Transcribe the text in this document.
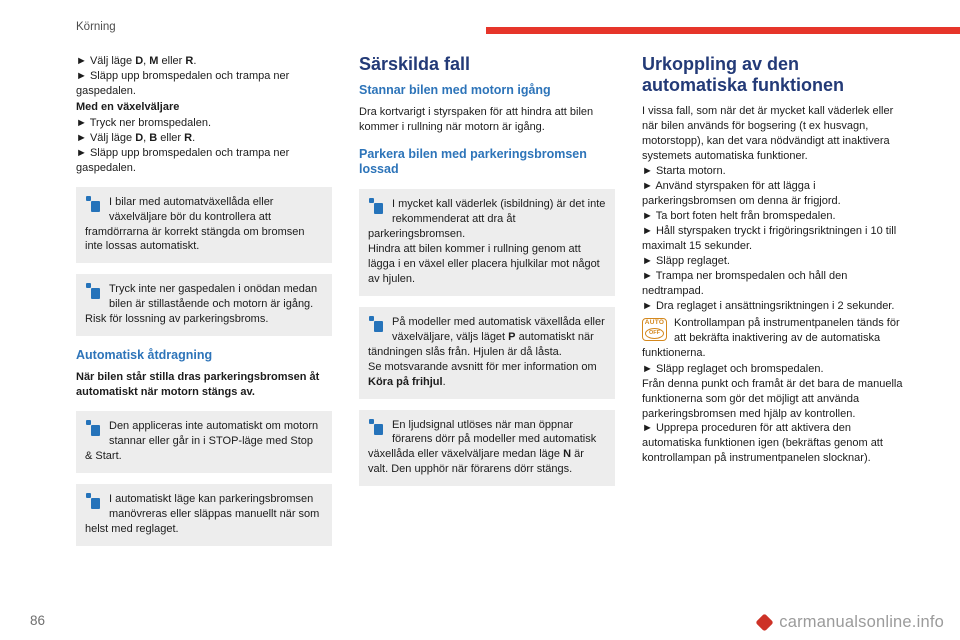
Körning

► Välj läge D, M eller R.

► Släpp upp bromspedalen och trampa ner gaspedalen.

Med en växelväljare

► Tryck ner bromspedalen.

► Välj läge D, B eller R.

► Släpp upp bromspedalen och trampa ner gaspedalen.

I bilar med automatväxellåda eller växelväljare bör du kontrollera att framdörrarna är korrekt stängda om bromsen inte lossas automatiskt.

Tryck inte ner gaspedalen i onödan medan bilen är stillastående och motorn är igång. Risk för lossning av parkeringsbroms.

Automatisk åtdragning

När bilen står stilla dras parkeringsbromsen åt automatiskt när motorn stängs av.

Den appliceras inte automatiskt om motorn stannar eller går in i STOP-läge med Stop & Start.

I automatiskt läge kan parkeringsbromsen manövreras eller släppas manuellt när som helst med reglaget.

Särskilda fall
Stannar bilen med motorn igång

Dra kortvarigt i styrspaken för att hindra att bilen kommer i rullning när motorn är igång.

Parkera bilen med parkeringsbromsen lossad

I mycket kall väderlek (isbildning) är det inte rekommenderat att dra åt parkeringsbromsen.
Hindra att bilen kommer i rullning genom att lägga i en växel eller placera hjulkilar mot något av hjulen.

På modeller med automatisk växellåda eller växelväljare, väljs läget P automatiskt när tändningen slås från. Hjulen är då låsta.
Se motsvarande avsnitt för mer information om Köra på frihjul.

En ljudsignal utlöses när man öppnar förarens dörr på modeller med automatisk växellåda eller växelväljare medan läge N är valt. Den upphör när förarens dörr stängs.

Urkoppling av den automatiska funktionen

I vissa fall, som när det är mycket kall väderlek eller när bilen används för bogsering (t ex husvagn, motorstopp), kan det vara nödvändigt att inaktivera systemets automatiska funktioner.

► Starta motorn.

► Använd styrspaken för att lägga i parkeringsbromsen om denna är frigjord.

► Ta bort foten helt från bromspedalen.

► Håll styrspaken tryckt i frigöringsriktningen i 10 till maximalt 15 sekunder.

► Släpp reglaget.

► Trampa ner bromspedalen och håll den nedtrampad.

► Dra reglaget i ansättningsriktningen i 2 sekunder.

AUTO
OFF

Kontrollampan på instrumentpanelen tänds för att bekräfta inaktivering av de automatiska funktionerna.

► Släpp reglaget och bromspedalen.

Från denna punkt och framåt är det bara de manuella funktionerna som gör det möjligt att använda parkeringsbromsen med hjälp av kontrollen.

► Upprepa proceduren för att aktivera den automatiska funktionen igen (bekräftas genom att kontrollampan på instrumentpanelen slocknar).

86	carmanualsonline.info
